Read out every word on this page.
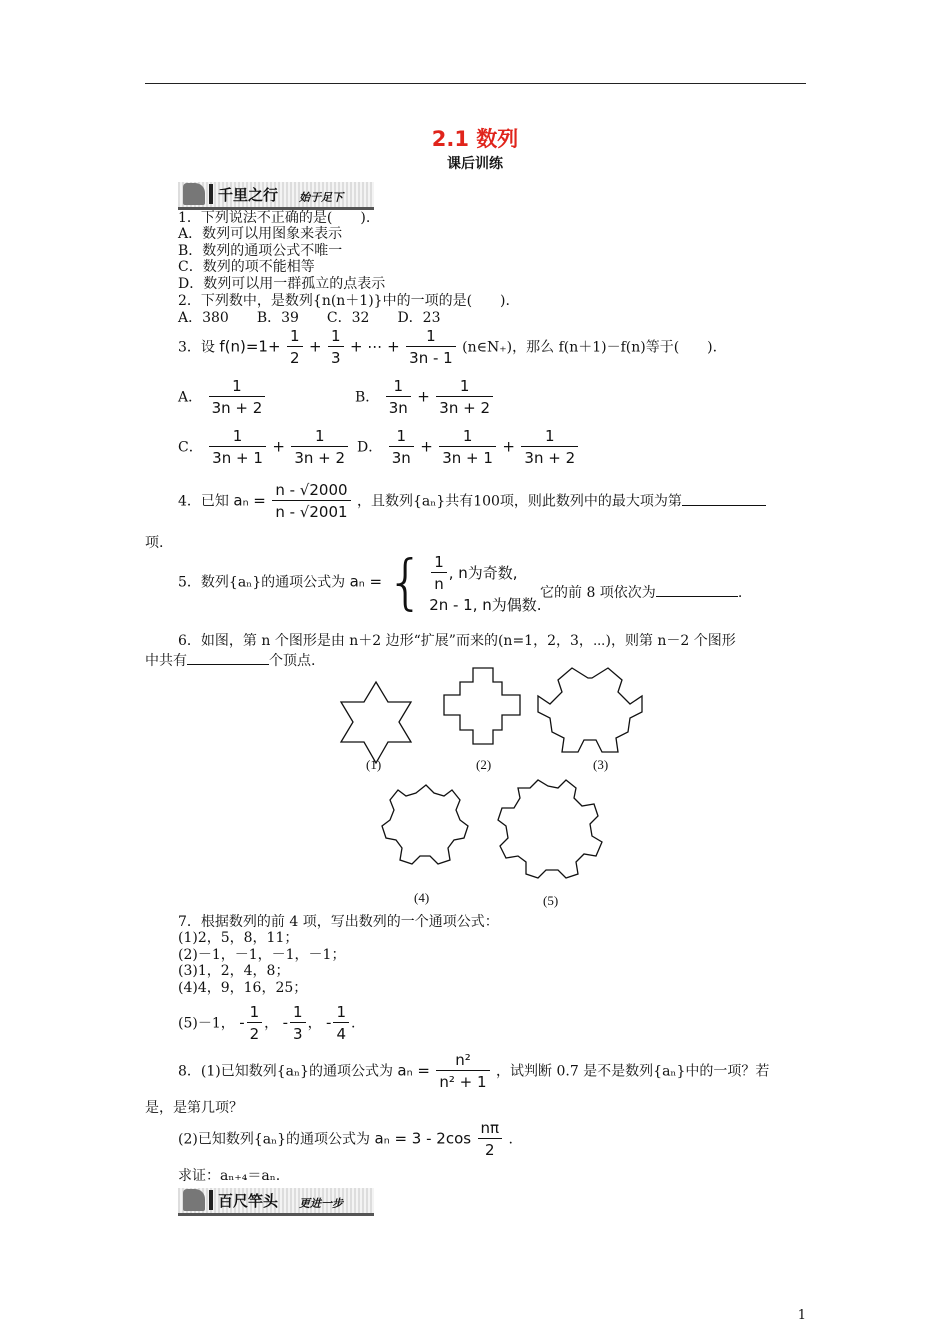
2.1 数列
课后训练
千里之行 始于足下
1．下列说法不正确的是(　　).
A．数列可以用图象来表示
B．数列的通项公式不唯一
C．数列的项不能相等
D．数列可以用一群孤立的点表示
2．下列数中，是数列{n(n＋1)}中的一项的是(　　).
A．380　　B．39　　C．32　　D．23
3．设 $f(n)=1+ \frac{1}{2} + \frac{1}{3}$ + ⋯ + $\frac{1}{3n - 1}$ (n∈N₊)，那么 f(n＋1)－f(n)等于(　　).
A． $\frac{1}{3n + 2}$	B． $\frac{1}{3n} + \frac{1}{3n + 2}$
C． $\frac{1}{3n + 1} + \frac{1}{3n + 2}$ D． $\frac{1}{3n} + \frac{1}{3n + 1} + \frac{1}{3n + 2}$
4．已知 $a_n = \frac{n - √2000}{n - √2001}$ ，且数列{aₙ}共有100项，则此数列中的最大项为第
项.
5．数列{aₙ}的通项公式为 aₙ = { $\frac{1}{n}$ , n为奇数,
2n - 1, n为偶数.
它的前 8 项依次为	.
6．如图，第 n 个图形是由 n＋2 边形“扩展”而来的(n=1，2，3，⋯)，则第 n－2 个图形
中共有	个顶点.
(1)	(2)	(3)
(4)	(5)
7．根据数列的前 4 项，写出数列的一个通项公式：
(1)2，5，8，11；
(2)－1，－1，－1，－1；
(3)1，2，4，8；
(4)4，9，16，25；
(5)－1， - $\frac{1}{2}$ ， - $\frac{1}{3}$ ， - $\frac{1}{4}$ .
8．(1)已知数列{aₙ}的通项公式为 $a_n = \frac{\text{n²}}{\text{n² + 1}}$ ，试判断 0.7 是不是数列{aₙ}中的一项？若
是，是第几项？
(2)已知数列{aₙ}的通项公式为 $a_n = 3 - 2\cos \frac{n\pi}{2}$ .
求证：aₙ₊₄＝aₙ.
百尺竿头 更进一步
1
